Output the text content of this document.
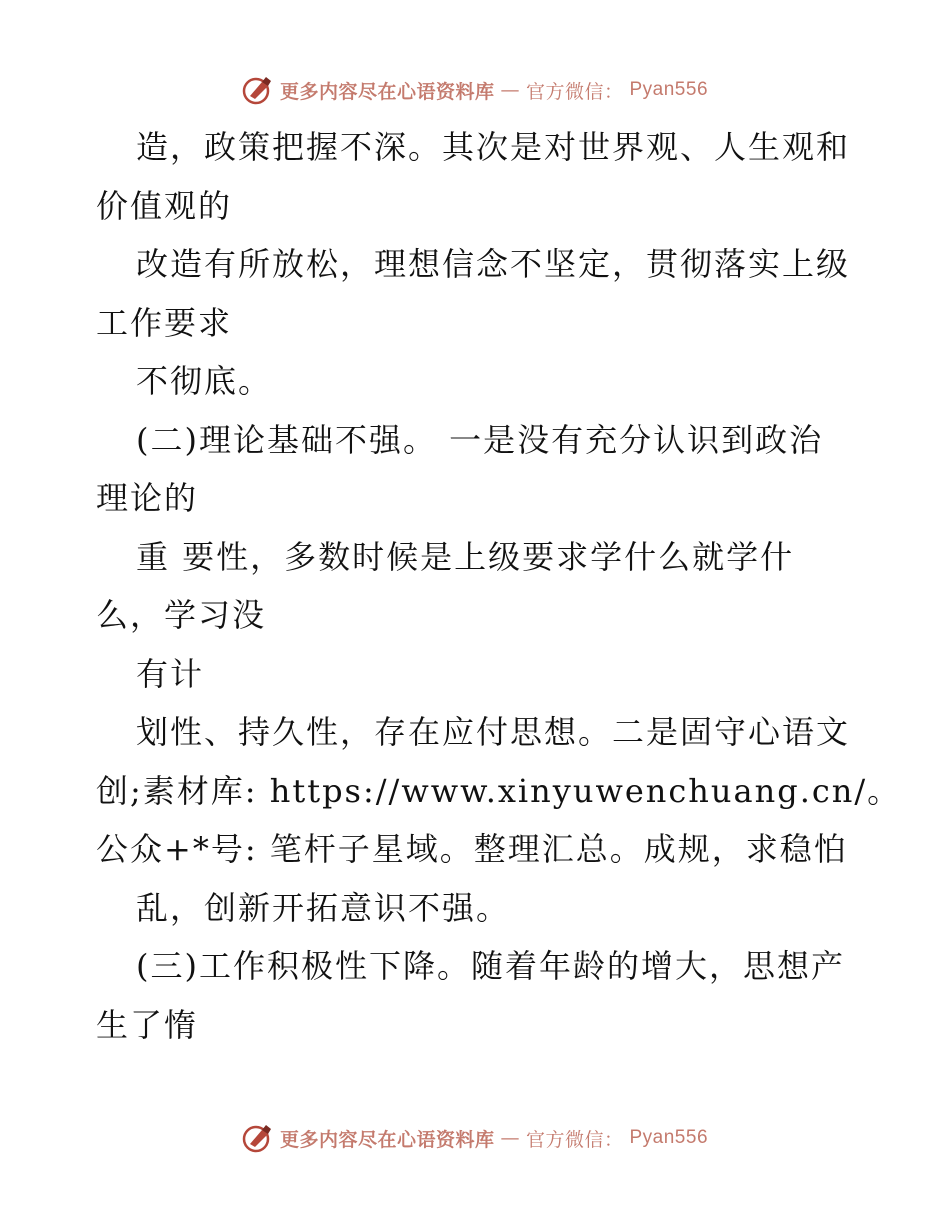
更多内容尽在心语资料库 — 官方微信： Pyan556
造，政策把握不深。其次是对世界观、人生观和
价值观的
改造有所放松，理想信念不坚定，贯彻落实上级
工作要求
不彻底。
(二)理论基础不强。 一是没有充分认识到政治
理论的
重 要性，多数时候是上级要求学什么就学什
么，学习没
有计
划性、持久性，存在应付思想。二是固守心语文
创;素材库: https://www.xinyuwenchuang.cn/。
公众+*号: 笔杆子星域。整理汇总。成规，求稳怕
乱，创新开拓意识不强。
(三)工作积极性下降。随着年龄的增大，思想产
生了惰
更多内容尽在心语资料库 — 官方微信： Pyan556
